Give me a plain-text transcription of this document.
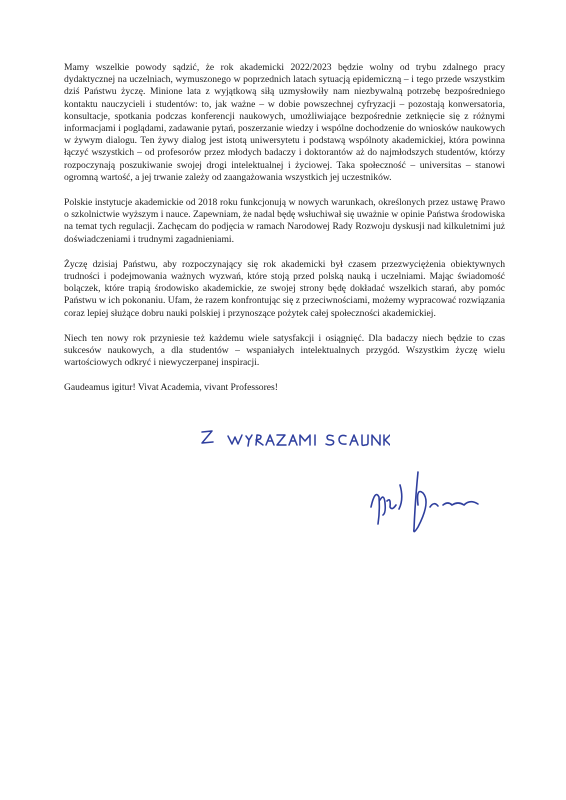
Mamy wszelkie powody sądzić, że rok akademicki 2022/2023 będzie wolny od trybu zdalnego pracy dydaktycznej na uczelniach, wymuszonego w poprzednich latach sytuacją epidemiczną – i tego przede wszystkim dziś Państwu życzę. Minione lata z wyjątkową siłą uzmysłowiły nam niezbywalną potrzebę bezpośredniego kontaktu nauczycieli i studentów: to, jak ważne – w dobie powszechnej cyfryzacji – pozostają konwersatoria, konsultacje, spotkania podczas konferencji naukowych, umożliwiające bezpośrednie zetknięcie się z różnymi informacjami i poglądami, zadawanie pytań, poszerzanie wiedzy i wspólne dochodzenie do wniosków naukowych w żywym dialogu. Ten żywy dialog jest istotą uniwersytetu i podstawą wspólnoty akademickiej, która powinna łączyć wszystkich – od profesorów przez młodych badaczy i doktorantów aż do najmłodszych studentów, którzy rozpoczynają poszukiwanie swojej drogi intelektualnej i życiowej. Taka społeczność – universitas – stanowi ogromną wartość, a jej trwanie zależy od zaangażowania wszystkich jej uczestników.

Polskie instytucje akademickie od 2018 roku funkcjonują w nowych warunkach, określonych przez ustawę Prawo o szkolnictwie wyższym i nauce. Zapewniam, że nadal będę wsłuchiwał się uważnie w opinie Państwa środowiska na temat tych regulacji. Zachęcam do podjęcia w ramach Narodowej Rady Rozwoju dyskusji nad kilkuletnimi już doświadczeniami i trudnymi zagadnieniami.

Życzę dzisiaj Państwu, aby rozpoczynający się rok akademicki był czasem przezwyciężenia obiektywnych trudności i podejmowania ważnych wyzwań, które stoją przed polską nauką i uczelniami. Mając świadomość bolączek, które trapią środowisko akademickie, ze swojej strony będę dokładać wszelkich starań, aby pomóc Państwu w ich pokonaniu. Ufam, że razem konfrontując się z przeciwnościami, możemy wypracować rozwiązania coraz lepiej służące dobru nauki polskiej i przynoszące pożytek całej społeczności akademickiej.

Niech ten nowy rok przyniesie też każdemu wiele satysfakcji i osiągnięć. Dla badaczy niech będzie to czas sukcesów naukowych, a dla studentów – wspaniałych intelektualnych przygód. Wszystkim życzę wielu wartościowych odkryć i niewyczerpanej inspiracji.

Gaudeamus igitur! Vivat Academia, vivant Professores!
